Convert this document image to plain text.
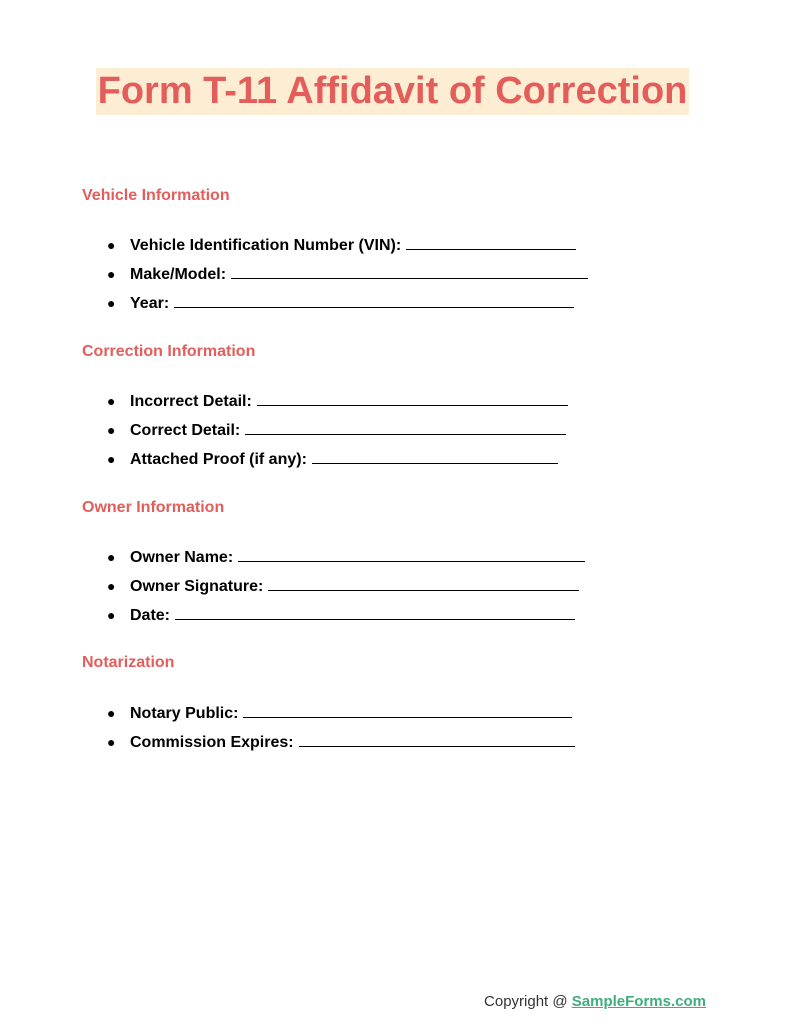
Form T-11 Affidavit of Correction
Vehicle Information
● Vehicle Identification Number (VIN):
● Make/Model:
● Year:
Correction Information
● Incorrect Detail:
● Correct Detail:
● Attached Proof (if any):
Owner Information
● Owner Name:
● Owner Signature:
● Date:
Notarization
● Notary Public:
● Commission Expires:
Copyright @ SampleForms.com
